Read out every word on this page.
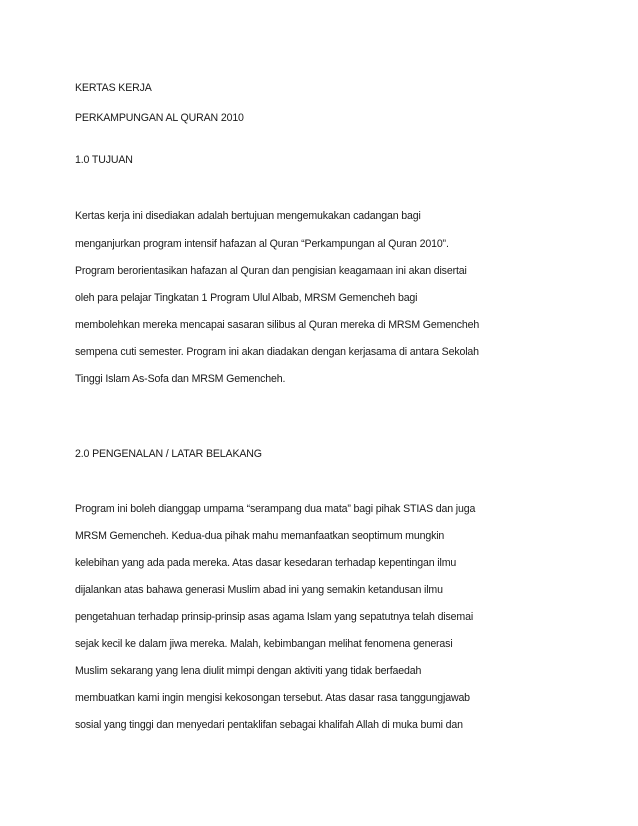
KERTAS KERJA
PERKAMPUNGAN AL QURAN 2010
1.0 TUJUAN
Kertas kerja ini disediakan adalah bertujuan mengemukakan cadangan bagi
menganjurkan program intensif hafazan al Quran “Perkampungan al Quran 2010”.
Program berorientasikan hafazan al Quran dan pengisian keagamaan ini akan disertai
oleh para pelajar Tingkatan 1 Program Ulul Albab, MRSM Gemencheh bagi
membolehkan mereka mencapai sasaran silibus al Quran mereka di MRSM Gemencheh
sempena cuti semester. Program ini akan diadakan dengan kerjasama di antara Sekolah
Tinggi Islam As-Sofa dan MRSM Gemencheh.
2.0 PENGENALAN / LATAR BELAKANG
Program ini boleh dianggap umpama “serampang dua mata” bagi pihak STIAS dan juga
MRSM Gemencheh. Kedua-dua pihak mahu memanfaatkan seoptimum mungkin
kelebihan yang ada pada mereka. Atas dasar kesedaran terhadap kepentingan ilmu
dijalankan atas bahawa generasi Muslim abad ini yang semakin ketandusan ilmu
pengetahuan terhadap prinsip-prinsip asas agama Islam yang sepatutnya telah disemai
sejak kecil ke dalam jiwa mereka. Malah, kebimbangan melihat fenomena generasi
Muslim sekarang yang lena diulit mimpi dengan aktiviti yang tidak berfaedah
membuatkan kami ingin mengisi kekosongan tersebut. Atas dasar rasa tanggungjawab
sosial yang tinggi dan menyedari pentaklifan sebagai khalifah Allah di muka bumi dan
